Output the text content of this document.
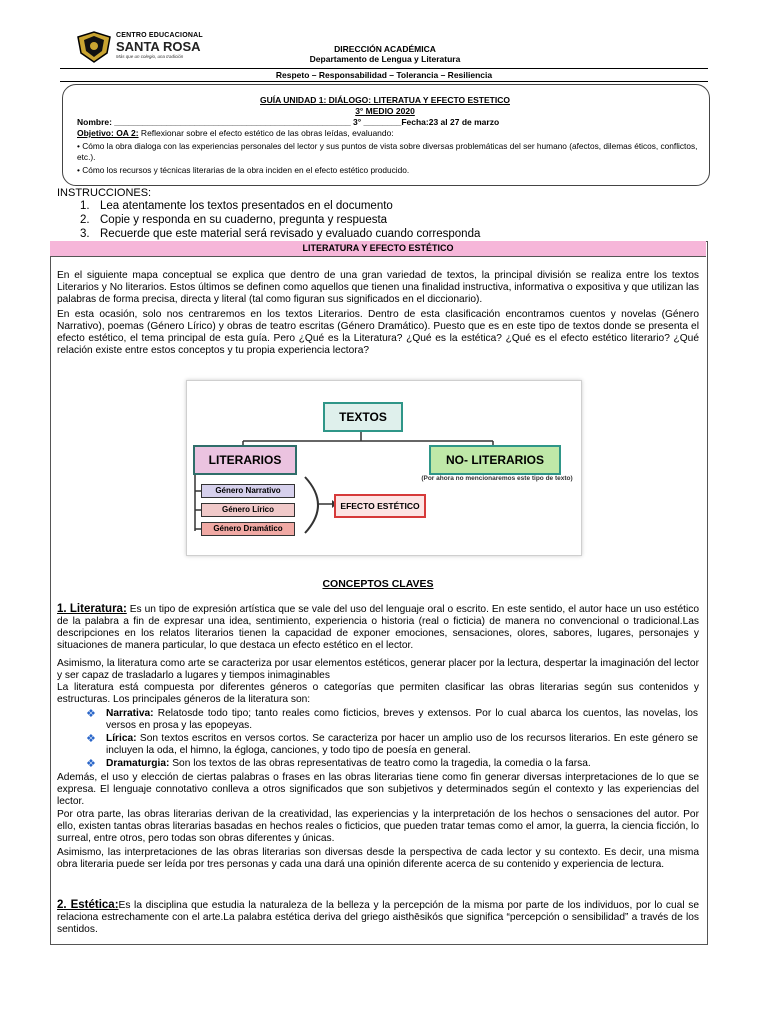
CENTRO EDUCACIONAL
SANTA ROSA
Más que un colegio, una tradición
DIRECCIÓN ACADÉMICA
Departamento de Lengua y Literatura
Respeto – Responsabilidad – Tolerancia – Resiliencia
GUÍA UNIDAD 1: DIÁLOGO: LITERATUA Y EFECTO ESTETICO
3° MEDIO 2020
Nombre: __________________________________________________ 3° ________Fecha:23 al 27 de marzo
Objetivo: OA 2: Reflexionar sobre el efecto estético de las obras leídas, evaluando:
• Cómo la obra dialoga con las experiencias personales del lector y sus puntos de vista sobre diversas problemáticas del ser humano (afectos, dilemas éticos, conflictos, etc.).
• Cómo los recursos y técnicas literarias de la obra inciden en el efecto estético producido.
INSTRUCCIONES:
1. Lea atentamente los textos presentados en el documento
2. Copie y responda en su cuaderno, pregunta y respuesta
3. Recuerde que este material será revisado y evaluado cuando corresponda
LITERATURA Y EFECTO ESTÉTICO
En el siguiente mapa conceptual se explica que dentro de una gran variedad de textos, la principal división se realiza entre los textos Literarios y No literarios. Estos últimos se definen como aquellos que tienen una finalidad instructiva, informativa o expositiva y que utilizan las palabras de forma precisa, directa y literal (tal como figuran sus significados en el diccionario).
En esta ocasión, solo nos centraremos en los textos Literarios. Dentro de esta clasificación encontramos cuentos y novelas (Género Narrativo), poemas (Género Lírico) y obras de teatro escritas (Género Dramático). Puesto que es en este tipo de textos donde se presenta el efecto estético, el tema principal de esta guía. Pero ¿Qué es la Literatura? ¿Qué es la estética? ¿Qué es el efecto estético literario? ¿Qué relación existe entre estos conceptos y tu propia experiencia lectora?
TEXTOS
LITERARIOS	NO- LITERARIOS
(Por ahora no mencionaremos este tipo de texto)
Género Narrativo
Género Lírico
Género Dramático
EFECTO ESTÉTICO
CONCEPTOS CLAVES
1. Literatura: Es un tipo de expresión artística que se vale del uso del lenguaje oral o escrito. En este sentido, el autor hace un uso estético de la palabra a fin de expresar una idea, sentimiento, experiencia o historia (real o ficticia) de manera no convencional o tradicional.Las descripciones en los relatos literarios tienen la capacidad de exponer emociones, sensaciones, olores, sabores, lugares, personajes y situaciones de manera particular, lo que destaca un efecto estético en el lector.
Asimismo, la literatura como arte se caracteriza por usar elementos estéticos, generar placer por la lectura, despertar la imaginación del lector y ser capaz de trasladarlo a lugares y tiempos inimaginables
La literatura está compuesta por diferentes géneros o categorías que permiten clasificar las obras literarias según sus contenidos y estructuras. Los principales géneros de la literatura son:
❖ Narrativa: Relatosde todo tipo; tanto reales como ficticios, breves y extensos. Por lo cual abarca los cuentos, las novelas, los versos en prosa y las epopeyas.
❖ Lírica: Son textos escritos en versos cortos. Se caracteriza por hacer un amplio uso de los recursos literarios. En este género se incluyen la oda, el himno, la égloga, canciones, y todo tipo de poesía en general.
❖ Dramaturgia: Son los textos de las obras representativas de teatro como la tragedia, la comedia o la farsa.
Además, el uso y elección de ciertas palabras o frases en las obras literarias tiene como fin generar diversas interpretaciones de lo que se expresa. El lenguaje connotativo conlleva a otros significados que son subjetivos y determinados según el contexto y las experiencias del lector.
Por otra parte, las obras literarias derivan de la creatividad, las experiencias y la interpretación de los hechos o sensaciones del autor. Por ello, existen tantas obras literarias basadas en hechos reales o ficticios, que pueden tratar temas como el amor, la guerra, la ciencia ficción, lo surreal, entre otros, pero todas son obras diferentes y únicas.
Asimismo, las interpretaciones de las obras literarias son diversas desde la perspectiva de cada lector y su contexto. Es decir, una misma obra literaria puede ser leída por tres personas y cada una dará una opinión diferente acerca de su contenido y experiencia de lectura.
2. Estética:Es la disciplina que estudia la naturaleza de la belleza y la percepción de la misma por parte de los individuos, por lo cual se relaciona estrechamente con el arte.La palabra estética deriva del griego aisthēsikós que significa “percepción o sensibilidad” a través de los sentidos.
